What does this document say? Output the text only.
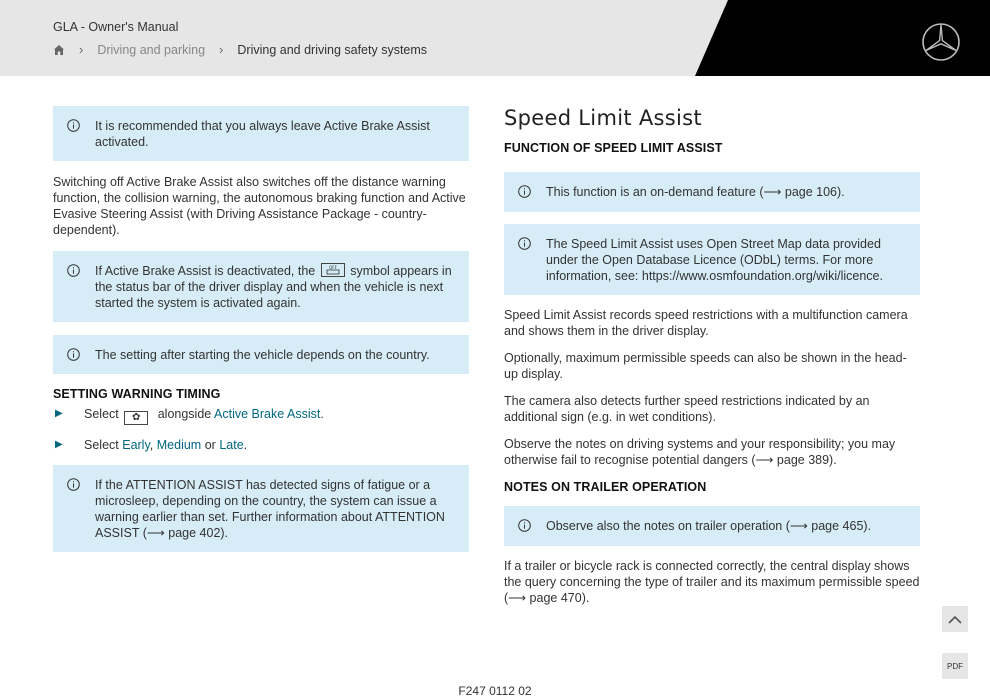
GLA - Owner's Manual
› Driving and parking › Driving and driving safety systems
It is recommended that you always leave Active Brake Assist activated.

Switching off Active Brake Assist also switches off the distance warning function, the collision warning, the autonomous braking function and Active Evasive Steering Assist (with Driving Assistance Package - country-dependent).

If Active Brake Assist is deactivated, the	OFF symbol appears in the status bar of the driver display and when the vehicle is next started the system is activated again.
The setting after starting the vehicle depends on the country.
SETTING WARNING TIMING
▶ Select ✿ alongside Active Brake Assist.
▶ Select Early, Medium or Late.
If the ATTENTION ASSIST has detected signs of fatigue or a microsleep, depending on the country, the system can issue a warning earlier than set. Further information about ATTENTION ASSIST (⟶ page 402).
Speed Limit Assist
FUNCTION OF SPEED LIMIT ASSIST
This function is an on-demand feature (⟶ page 106).
The Speed Limit Assist uses Open Street Map data provided under the Open Database Licence (ODbL) terms. For more information, see: https://www.osmfoundation.org/wiki/licence.

Speed Limit Assist records speed restrictions with a multifunction camera and shows them in the driver display.

Optionally, maximum permissible speeds can also be shown in the head-up display.

The camera also detects further speed restrictions indicated by an additional sign (e.g. in wet conditions).

Observe the notes on driving systems and your responsibility; you may otherwise fail to recognise potential dangers (⟶ page 389).

NOTES ON TRAILER OPERATION
Observe also the notes on trailer operation (⟶ page 465).

If a trailer or bicycle rack is connected correctly, the central display shows the query concerning the type of trailer and its maximum permissible speed (⟶ page 470).

PDF
F247 0112 02
